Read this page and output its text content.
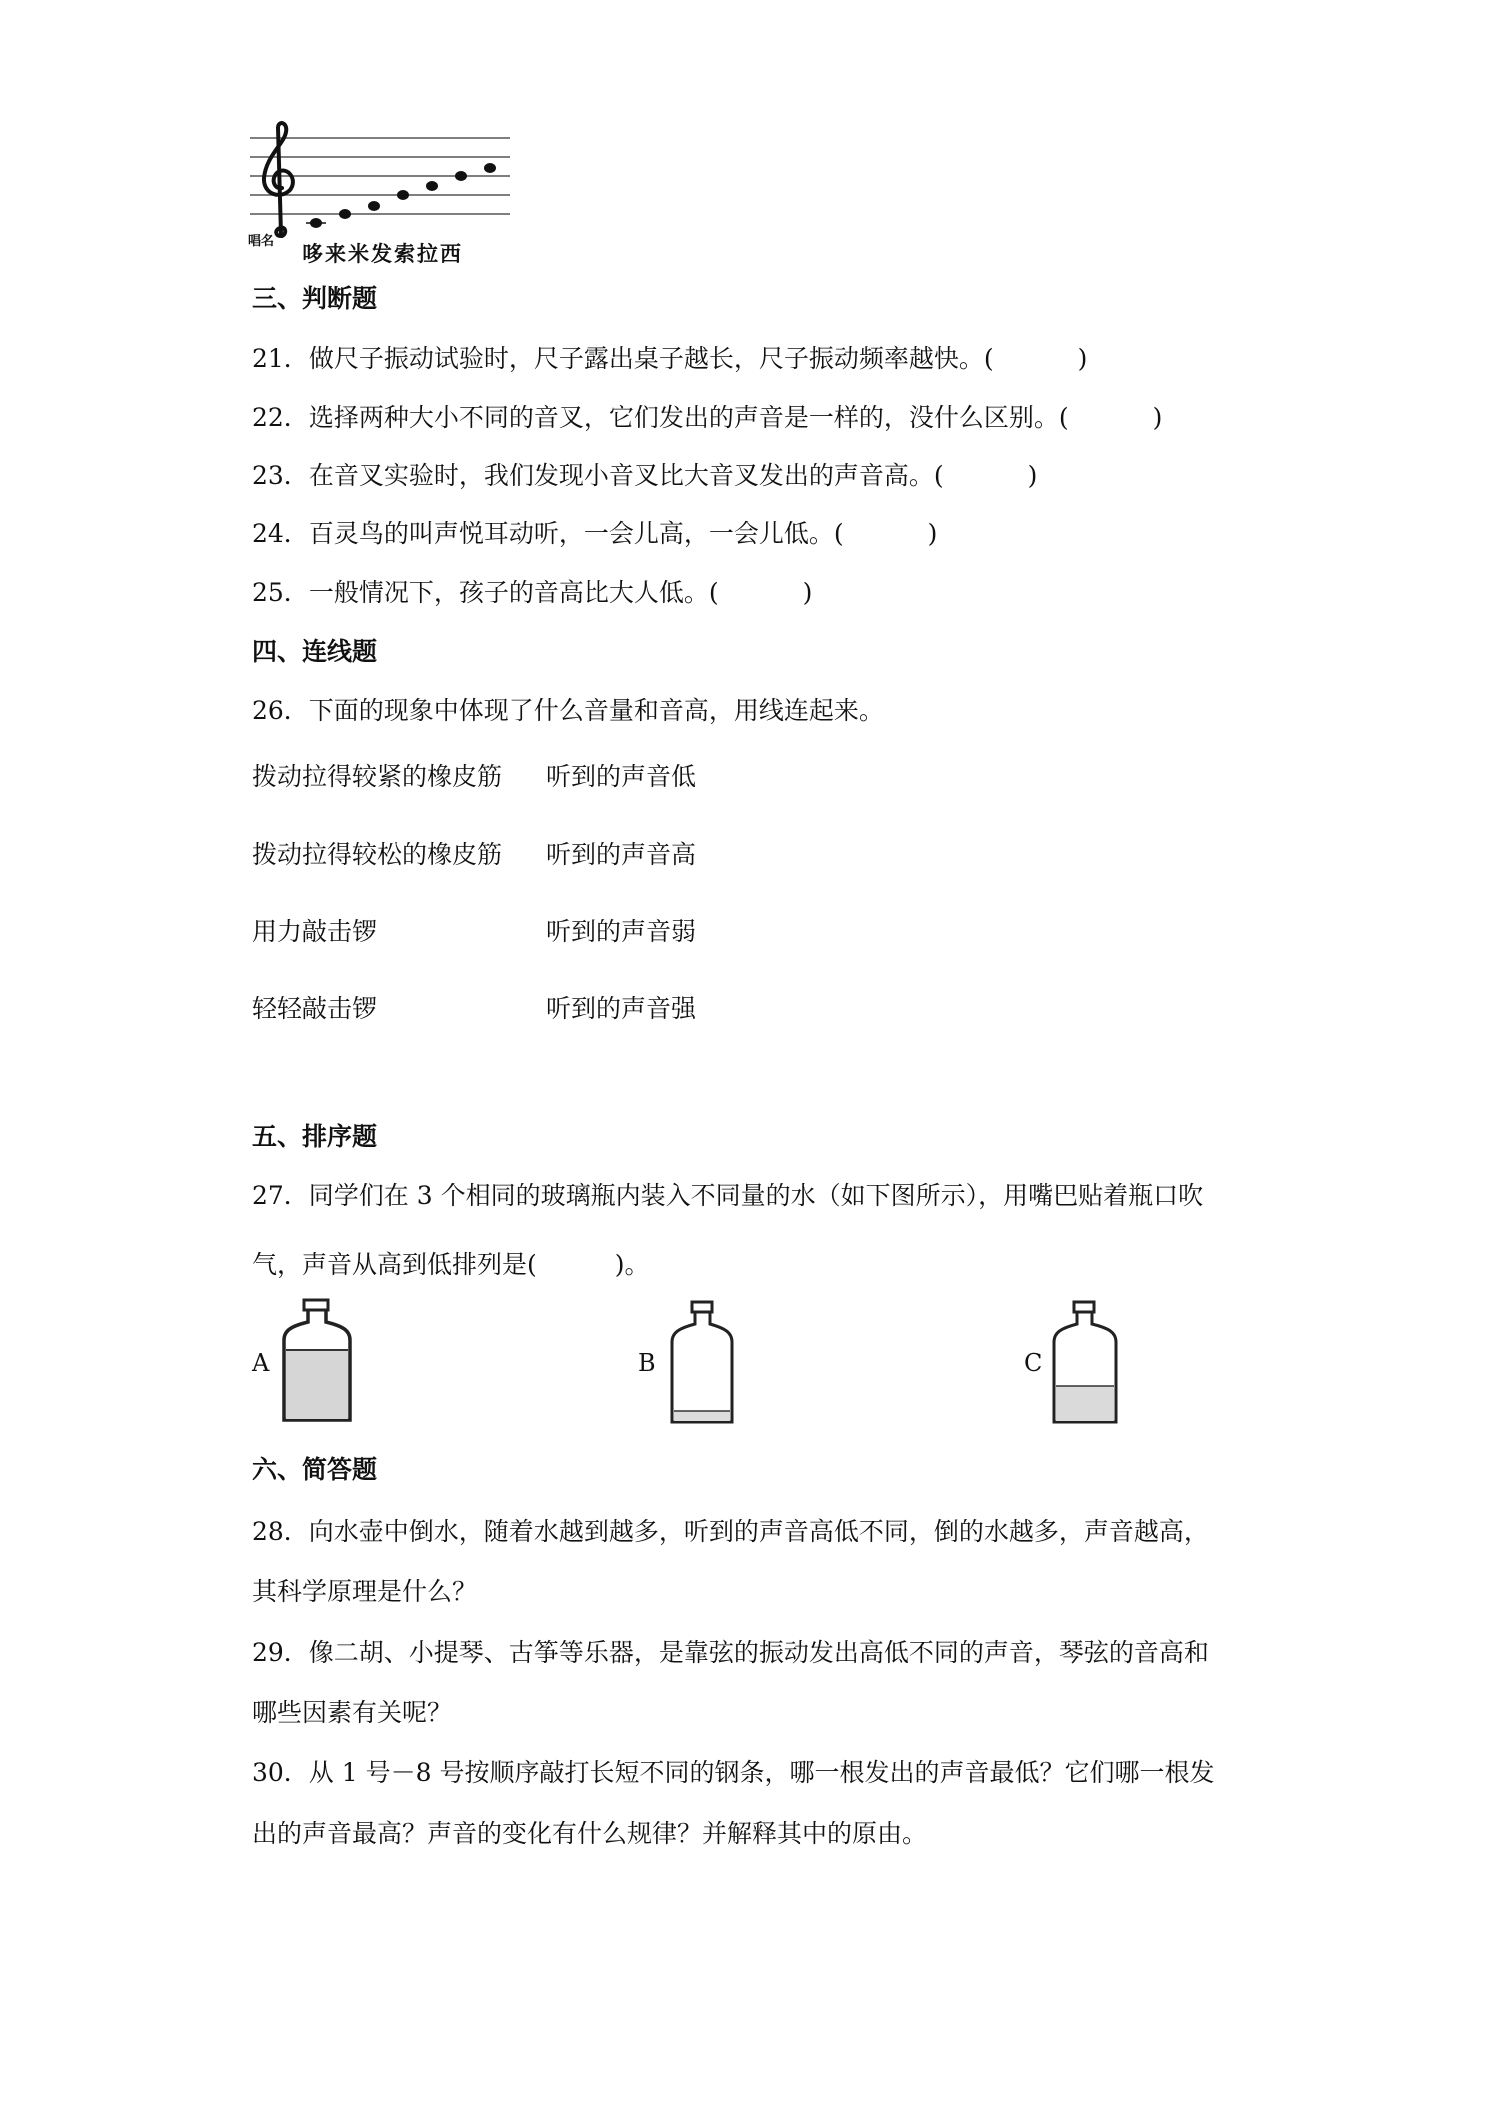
唱名
哆来米发索拉西
三、判断题
21．做尺子振动试验时，尺子露出桌子越长，尺子振动频率越快。(	)
22．选择两种大小不同的音叉，它们发出的声音是一样的，没什么区别。(	)
23．在音叉实验时，我们发现小音叉比大音叉发出的声音高。(	)
24．百灵鸟的叫声悦耳动听，一会儿高，一会儿低。(	)
25．一般情况下，孩子的音高比大人低。(	)
四、连线题
26．下面的现象中体现了什么音量和音高，用线连起来。
拨动拉得较紧的橡皮筋 听到的声音低
拨动拉得较松的橡皮筋 听到的声音高
用力敲击锣	听到的声音弱
轻轻敲击锣	听到的声音强
五、排序题
27．同学们在 3 个相同的玻璃瓶内装入不同量的水（如下图所示），用嘴巴贴着瓶口吹
气，声音从高到低排列是(	)。
A	B	C
六、简答题
28．向水壶中倒水，随着水越到越多，听到的声音高低不同，倒的水越多，声音越高，
其科学原理是什么？
29．像二胡、小提琴、古筝等乐器，是靠弦的振动发出高低不同的声音，琴弦的音高和
哪些因素有关呢？
30．从 1 号－8 号按顺序敲打长短不同的钢条，哪一根发出的声音最低？它们哪一根发
出的声音最高？声音的变化有什么规律？并解释其中的原由。
